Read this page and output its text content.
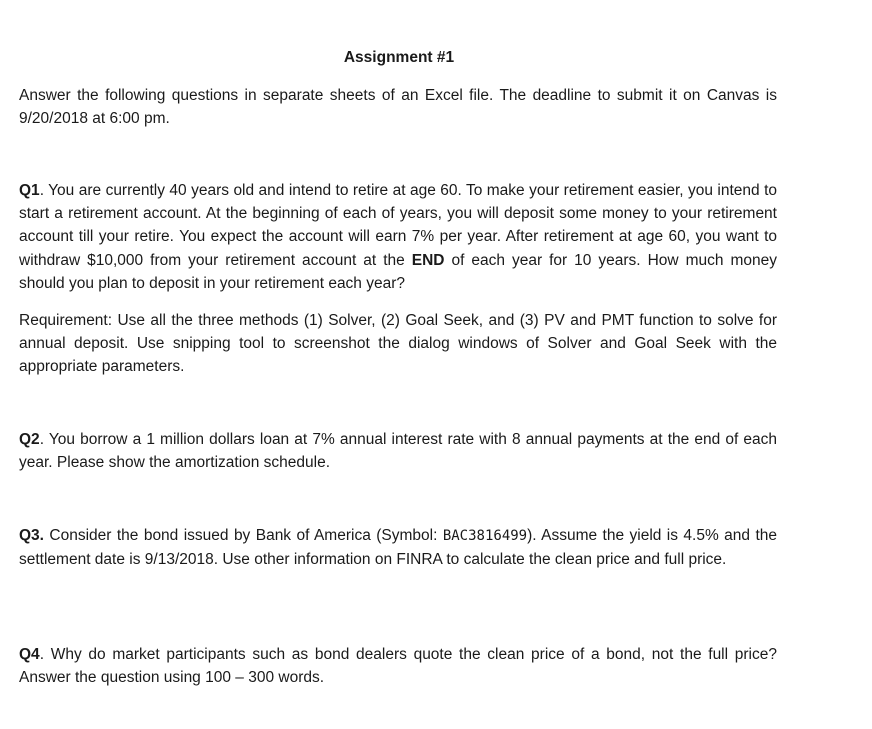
Assignment #1
Answer the following questions in separate sheets of an Excel file. The deadline to submit it on Canvas is 9/20/2018 at 6:00 pm.
Q1. You are currently 40 years old and intend to retire at age 60. To make your retirement easier, you intend to start a retirement account. At the beginning of each of years, you will deposit some money to your retirement account till your retire. You expect the account will earn 7% per year. After retirement at age 60, you want to withdraw $10,000 from your retirement account at the END of each year for 10 years. How much money should you plan to deposit in your retirement each year?
Requirement: Use all the three methods (1) Solver, (2) Goal Seek, and (3) PV and PMT function to solve for annual deposit. Use snipping tool to screenshot the dialog windows of Solver and Goal Seek with the appropriate parameters.
Q2. You borrow a 1 million dollars loan at 7% annual interest rate with 8 annual payments at the end of each year. Please show the amortization schedule.
Q3. Consider the bond issued by Bank of America (Symbol: BAC3816499). Assume the yield is 4.5% and the settlement date is 9/13/2018. Use other information on FINRA to calculate the clean price and full price.
Q4. Why do market participants such as bond dealers quote the clean price of a bond, not the full price? Answer the question using 100 – 300 words.
